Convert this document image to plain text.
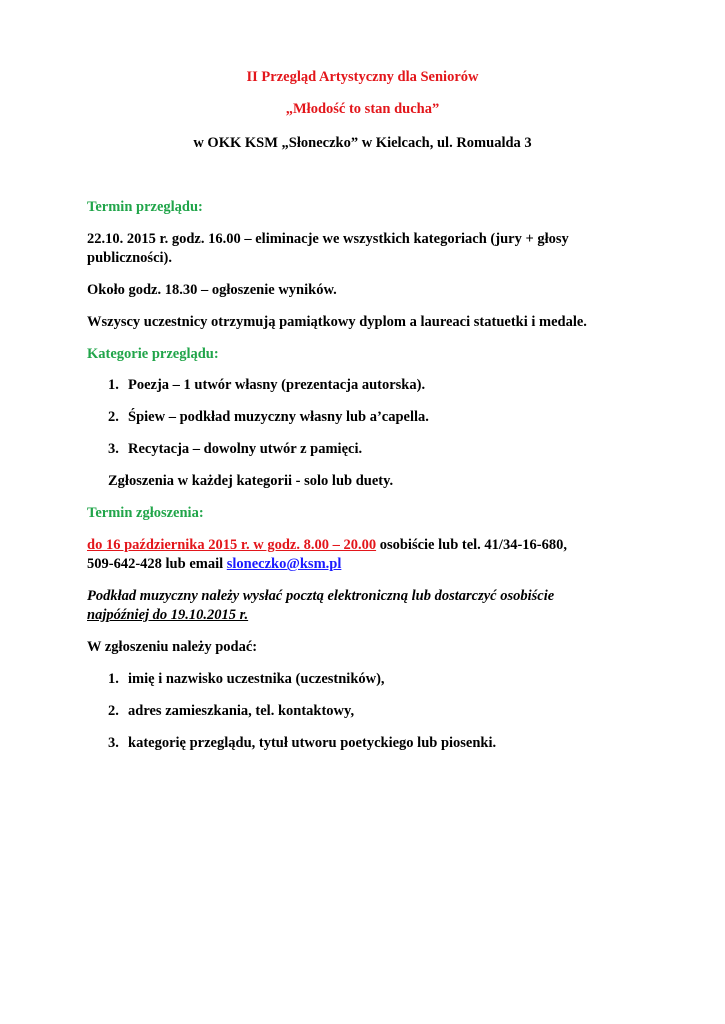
II Przegląd Artystyczny dla Seniorów
„Młodość to stan ducha”
w OKK KSM „Słoneczko” w Kielcach, ul. Romualda 3
Termin przeglądu:
22.10. 2015 r. godz. 16.00 – eliminacje we wszystkich kategoriach (jury + głosy
publiczności).
Około godz. 18.30 – ogłoszenie wyników.
Wszyscy uczestnicy otrzymują pamiątkowy dyplom a laureaci statuetki i medale.
Kategorie przeglądu:
1. Poezja – 1 utwór własny (prezentacja autorska).
2. Śpiew – podkład muzyczny własny lub a’capella.
3. Recytacja – dowolny utwór z pamięci.
Zgłoszenia w każdej kategorii - solo lub duety.
Termin zgłoszenia:
do 16 października 2015 r. w godz. 8.00 – 20.00 osobiście lub tel. 41/34-16-680,
509-642-428 lub email sloneczko@ksm.pl
Podkład muzyczny należy wysłać pocztą elektroniczną lub dostarczyć osobiście
najpóźniej do 19.10.2015 r.
W zgłoszeniu należy podać:
1. imię i nazwisko uczestnika (uczestników),
2. adres zamieszkania, tel. kontaktowy,
3. kategorię przeglądu, tytuł utworu poetyckiego lub piosenki.
